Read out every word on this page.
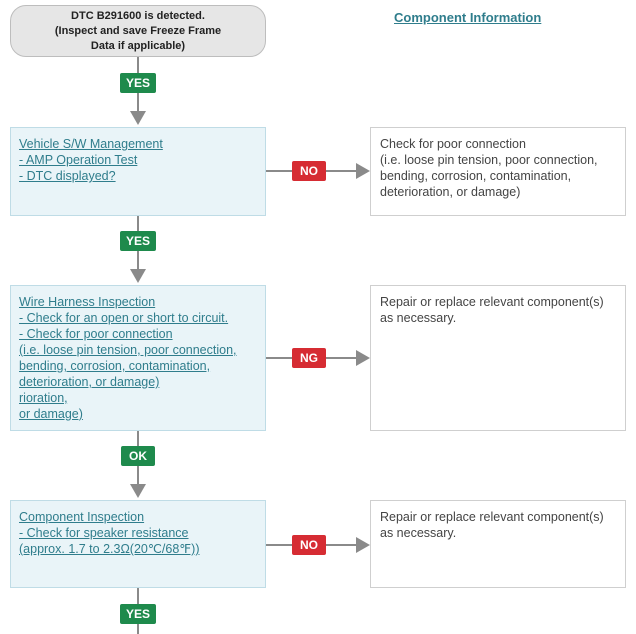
DTC B291600 is detected.
(Inspect and save Freeze Frame
Data if applicable)
Component Information
YES
Vehicle S/W Management
- AMP Operation Test
- DTC displayed?	NO
Check for poor connection
(i.e. loose pin tension, poor connection,
bending, corrosion, contamination,
deterioration, or damage)
YES
Wire Harness Inspection
- Check for an open or short to circuit.
- Check for poor connection
(i.e. loose pin tension, poor connection,
bending, corrosion, contamination,
deterioration, or damage)
rioration,
or damage)
NG
Repair or replace relevant component(s)
as necessary.
OK
Component Inspection
- Check for speaker resistance
(approx. 1.7 to 2.3Ω(20℃/68℉))	NO
Repair or replace relevant component(s)
as necessary.
YES
